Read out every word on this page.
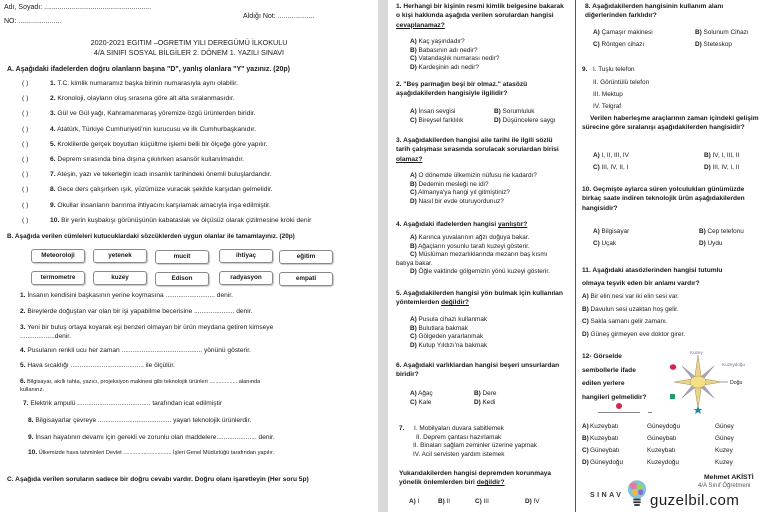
Adı, Soyadı: .......................................................
NO: ......................
Aldığı Not: ...................
2020-2021 EGITIM –OGRETIM YILI DEREGÜMÜ İLKOKULU
4/A SINIFI SOSYAL BİLGİLER 2. DÖNEM 1. YAZILI SINAVI
A. Aşağıdaki ifadelerden doğru olanların başına "D", yanlış olanlara "Y" yazınız. (20p)
( )	1. T.C. kimlik numaramız başka birinin numarasıyla aynı olabilir.
( )	2. Kronoloji, olayların oluş sırasına göre alt alta sıralanmasıdır.
( )	3. Gül ve Gül yağı, Kahramanmaraş yöremize özgü ürünlerden biridir.
( )	4. Atatürk, Türkiye Cumhuriyeti'nin kurucusu ve ilk Cumhurbaşkanıdır.
( )	5. Kroklilerde gerçek boyutları küçültme işlemi belli bir ölçeğe göre yapılır.
( )	6. Deprem sırasında bina dışına çıkılırken asansör kullanılmalıdır.
( )	7. Ateşin, yazı ve tekerleğin icadı insanlık tarihindeki önemli buluşlardandır.
( )	8. Gece ders çalışırken ışık, yüzümüze vuracak şekilde karşıdan gelmelidir.
( )	9. Okullar insanların barınma ihtiyacını karşılamak amacıyla inşa edilmiştir.
( )	10. Bir yerin kuşbakışı görünüşünün kabataslak ve ölçüsüz olarak çizilmesine kroki denir
B. Aşağıda verilen cümleleri kutucuklardaki sözcüklerden uygun olanlar ile tamamlayınız. (20p)
Meteoroloji	yetenek	mucit	ihtiyaç	eğitim
termometre	kuzey	Edison	radyasyon	empati
1. İnsanın kendisini başkasının yerine koymasına ........................... denir.
2. Bireylerde doğuştan var olan bir işi yapabilme becerisine ...................... denir.
3. Yeni bir buluş ortaya koyarak eşi benzeri olmayan bir ürün meydana getiren kimseye
...................denir.
4. Pusulanın renkli ucu her zaman ............................................ yönünü gösterir.
5. Hava sıcaklığı ........................................ ile ölçülür.
6. Bilgisayar, akıllı tahta, yazıcı, projeksiyon makinesi gibi teknolojik ürünleri .................. alanında
kullanırız.
7. Elektrik ampulü ........................................ tarafından icat edilmiştir
8. Bilgisayarlar çevreye ........................................ yayan teknolojik ürünlerdir.
9. İnsan hayatının devamı için gerekli ve zorunlu olan maddelere...................... denir.
10. Ülkemizde hava tahminleri Devlet ............................... İşleri Genel Müdürlüğü tarafından yapılır.
C. Aşağıda verilen soruların sadece bir doğru cevabı vardır. Doğru olanı işaretleyin (Her soru 5p)
1. Herhangi bir kişinin resmi kimlik belgesine bakarak o kişi hakkında aşağıda verilen sorulardan hangisi cevaplanamaz?
A) Kaç yaşındadır?
B) Babasının adı nedir?
C) Vatandaşlık numarası nedir?
D) Kardeşinin adı nedir?
2. "Beş parmağın beşi bir olmaz." atasözü aşağıdakilerden hangisiyle ilgilidir?
A) İnsan sevgisi	B) Sorumluluk
C) Bireysel farklılık	D) Düşüncelere saygı
3. Aşağıdakilerden hangisi aile tarihi ile ilgili sözlü tarih çalışması sırasında sorulacak sorulardan birisi olamaz?
A) O dönemde ülkemizin nüfusu ne kadardı?
B) Dedemin mesleği ne idi?
C) Almanya'ya hangi yıl gitmiştiniz?
D) Nasıl bir evde oturuyordunuz?
4. Aşağıdaki ifadelerden hangisi yanlıştır?
A) Karınca yuvalarının ağzı doğuya bakar.
B) Ağaçların yosunlu tarafı kuzeyi gösterir.
C) Müslüman mezarlıklarında mezarın baş kısmı
batıya bakar.
D) Öğle vaktinde gölgemizin yönü kuzeyi gösterir.
5. Aşağıdakilerden hangisi yön bulmak için kullanılan yöntemlerden değildir?
A) Pusula cihazı kullanmak
B) Bulutlara bakmak
C) Gölgeden yararlanmak
D) Kutup Yıldızı'na bakmak
6. Aşağıdaki varlıklardan hangisi beşeri unsurlardan biridir?
A) Ağaç	B) Dere
C) Kale	D) Kedi
7. I. Mobilyaları duvara sabitlemek
II. Deprem çantası hazırlamak
II. Binaları sağlam zeminler üzerine yapmak
IV. Acil servisten yardım istemek
Yukarıdakilerden hangisi depremden korunmaya yönelik önlemlerden biri değildir?
A) I	B) II	C) III	D) IV
8. Aşağıdakilerden hangisinin kullanım alanı diğerlerinden farklıdır?
A) Çamaşır makinesi	B) Solunum Cihazı
C) Röntgen cihazı	D) Steteskop
9. I. Tuşlu telefon
II. Görüntülü telefon
III. Mektup
IV. Telgraf
Verilen haberleşme araçlarının zaman içindeki gelişim sürecine göre sıralanışı aşağıdakilerden hangisidir?
A) I, II, III, IV	B) IV, I, III, II
C) III, IV, II, I	D) III, IV, I, II
10. Geçmişte aylarca süren yolculukları günümüzde birkaç saate indiren teknolojik ürün aşağıdakilerden hangisidir?
A) Bilgisayar	B) Cep telefonu
C) Uçak	D) Uydu
11. Aşağıdaki atasözlerinden hangisi tutumlu olmaya teşvik eden bir anlamı vardır?
A) Bir elin nesi var iki elin sesi var.
B) Davulun sesi uzaktan hoş gelir.
C) Sakla samanı gelir zamanı.
D) Güneş girmeyen eve doktor girer.
12- Görselde
sembollerle ifade
edilen yerlere
hangileri gelmelidir?
Kuzey
Kuzeydoğu
Doğu
A) Kuzeybatı	Güneydoğu	Güney
B) Kuzeybatı	Güneybatı	Güney
C) Güneybatı	Kuzeybatı	Kuzey
D) Güneydoğu	Kuzeydoğu	Kuzey
SINAV guzelbil.com
Mehmet AKİSTİ
4/A Sınıf Öğretmeni
